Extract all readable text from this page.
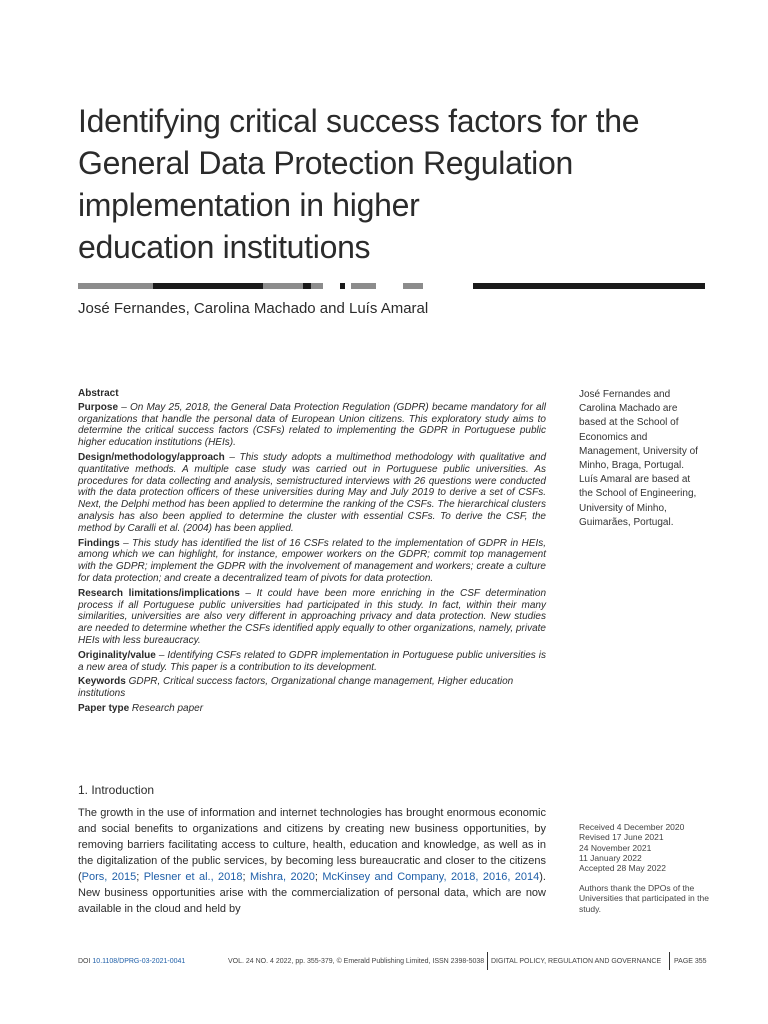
Identifying critical success factors for the
General Data Protection Regulation
implementation in higher
education institutions
José Fernandes, Carolina Machado and Luís Amaral
Abstract

Purpose – On May 25, 2018, the General Data Protection Regulation (GDPR) became mandatory for all organizations that handle the personal data of European Union citizens. This exploratory study aims to determine the critical success factors (CSFs) related to implementing the GDPR in Portuguese public higher education institutions (HEIs).

Design/methodology/approach – This study adopts a multimethod methodology with qualitative and quantitative methods. A multiple case study was carried out in Portuguese public universities. As procedures for data collecting and analysis, semistructured interviews with 26 questions were conducted with the data protection officers of these universities during May and July 2019 to derive a set of CSFs. Next, the Delphi method has been applied to determine the ranking of the CSFs. The hierarchical clusters analysis has also been applied to determine the cluster with essential CSFs. To derive the CSF, the method by Caralli et al. (2004) has been applied.

Findings – This study has identified the list of 16 CSFs related to the implementation of GDPR in HEIs, among which we can highlight, for instance, empower workers on the GDPR; commit top management with the GDPR; implement the GDPR with the involvement of management and workers; create a culture for data protection; and create a decentralized team of pivots for data protection.

Research limitations/implications – It could have been more enriching in the CSF determination process if all Portuguese public universities had participated in this study. In fact, within their many similarities, universities are also very different in approaching privacy and data protection. New studies are needed to determine whether the CSFs identified apply equally to other organizations, namely, private HEIs with less bureaucracy.

Originality/value – Identifying CSFs related to GDPR implementation in Portuguese public universities is a new area of study. This paper is a contribution to its development.

Keywords GDPR, Critical success factors, Organizational change management, Higher education institutions

Paper type Research paper

José Fernandes and
Carolina Machado are
based at the School of
Economics and
Management, University of
Minho, Braga, Portugal.
Luís Amaral are based at
the School of Engineering,
University of Minho,
Guimarães, Portugal.
1. Introduction

The growth in the use of information and internet technologies has brought enormous economic and social benefits to organizations and citizens by creating new business opportunities, by removing barriers facilitating access to culture, health, education and knowledge, as well as in the digitalization of the public services, by becoming less bureaucratic and closer to the citizens (Pors, 2015; Plesner et al., 2018; Mishra, 2020; McKinsey and Company, 2018, 2016, 2014). New business opportunities arise with the commercialization of personal data, which are now available in the cloud and held by

Received 4 December 2020
Revised 17 June 2021
24 November 2021
11 January 2022
Accepted 28 May 2022
Authors thank the DPOs of the Universities that participated in the study.
DOI 10.1108/DPRG-03-2021-0041	VOL. 24 NO. 4 2022, pp. 355-379, © Emerald Publishing Limited, ISSN 2398-5038 DIGITAL POLICY, REGULATION AND GOVERNANCE PAGE 355
